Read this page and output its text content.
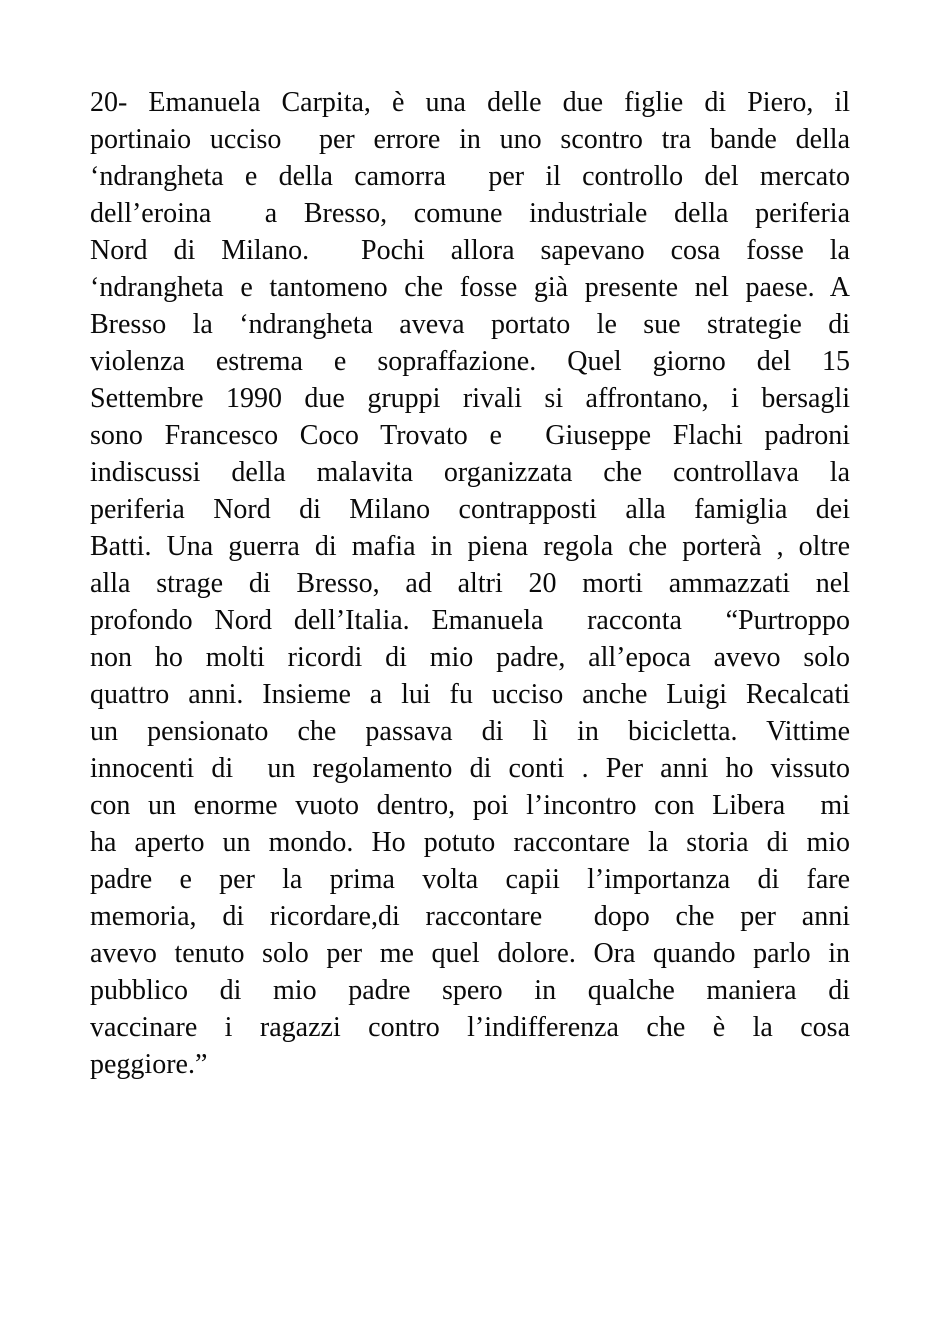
20- Emanuela Carpita, è una delle due figlie di Piero, il
portinaio ucciso  per errore in uno scontro tra bande della
‘ndrangheta e della camorra  per il controllo del mercato
dell’eroina  a Bresso, comune industriale della periferia
Nord di Milano.  Pochi allora sapevano cosa fosse la
‘ndrangheta e tantomeno che fosse già presente nel paese. A
Bresso la ‘ndrangheta aveva portato le sue strategie di
violenza estrema e sopraffazione. Quel giorno del 15
Settembre 1990 due gruppi rivali si affrontano, i bersagli
sono Francesco Coco Trovato e  Giuseppe Flachi padroni
indiscussi della malavita organizzata che controllava la
periferia Nord di Milano contrapposti alla famiglia dei
Batti. Una guerra di mafia in piena regola che porterà , oltre
alla strage di Bresso, ad altri 20 morti ammazzati nel
profondo Nord dell’Italia. Emanuela  racconta  “Purtroppo
non ho molti ricordi di mio padre, all’epoca avevo solo
quattro anni. Insieme a lui fu ucciso anche Luigi Recalcati
un pensionato che passava di lì in bicicletta. Vittime
innocenti di  un regolamento di conti . Per anni ho vissuto
con un enorme vuoto dentro, poi l’incontro con Libera  mi
ha aperto un mondo. Ho potuto raccontare la storia di mio
padre e per la prima volta capii l’importanza di fare
memoria, di ricordare,di raccontare  dopo che per anni
avevo tenuto solo per me quel dolore. Ora quando parlo in
pubblico di mio padre spero in qualche maniera di
vaccinare i ragazzi contro l’indifferenza che è la cosa
peggiore.”
